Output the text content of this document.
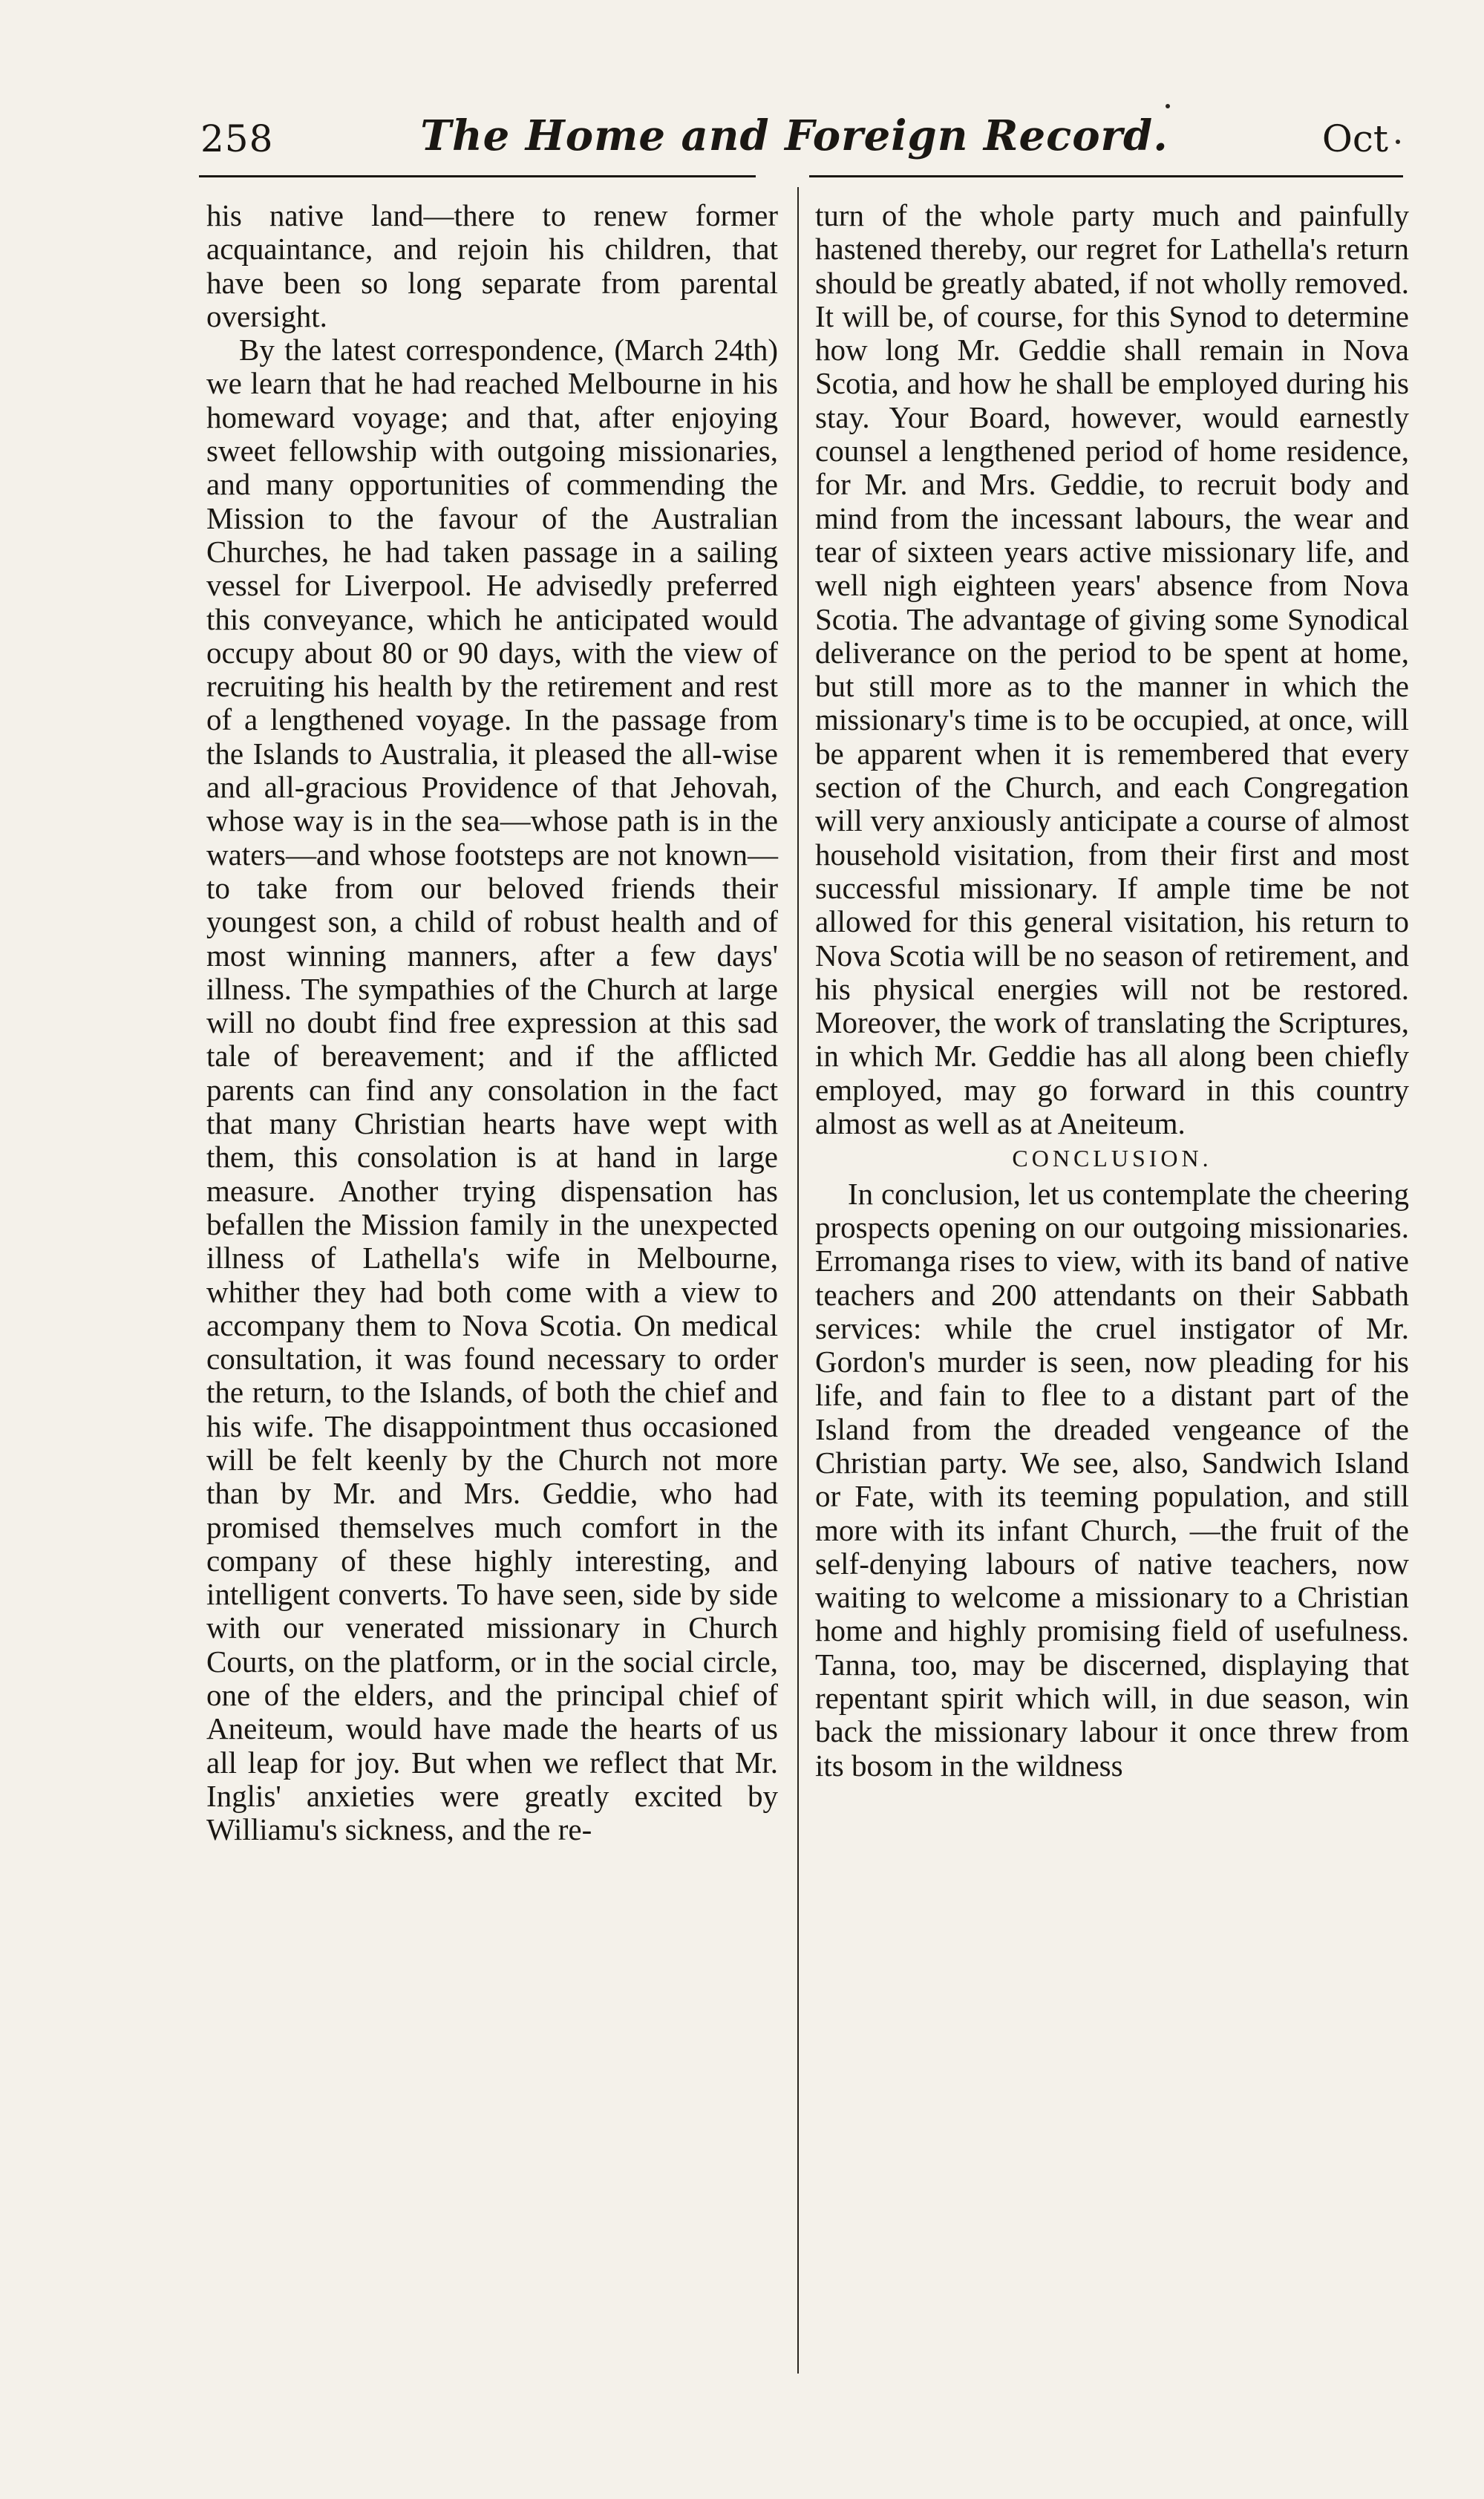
258	The Home and Foreign Record.	Oct

his native land—there to renew former acquaintance, and rejoin his children, that have been so long separate from parental oversight.

By the latest correspondence, (March 24th) we learn that he had reached Melbourne in his homeward voyage; and that, after enjoying sweet fellowship with outgoing missionaries, and many opportunities of commending the Mission to the favour of the Australian Churches, he had taken passage in a sailing vessel for Liverpool. He advisedly preferred this conveyance, which he anticipated would occupy about 80 or 90 days, with the view of recruiting his health by the retirement and rest of a lengthened voyage. In the passage from the Islands to Australia, it pleased the all-wise and all-gracious Providence of that Jehovah, whose way is in the sea—whose path is in the waters—and whose footsteps are not known—to take from our beloved friends their youngest son, a child of robust health and of most winning manners, after a few days' illness. The sympathies of the Church at large will no doubt find free expression at this sad tale of bereavement; and if the afflicted parents can find any consolation in the fact that many Christian hearts have wept with them, this consolation is at hand in large measure. Another trying dispensation has befallen the Mission family in the unexpected illness of Lathella's wife in Melbourne, whither they had both come with a view to accompany them to Nova Scotia. On medical consultation, it was found necessary to order the return, to the Islands, of both the chief and his wife. The disappointment thus occasioned will be felt keenly by the Church not more than by Mr. and Mrs. Geddie, who had promised themselves much comfort in the company of these highly interesting, and intelligent converts. To have seen, side by side with our venerated missionary in Church Courts, on the platform, or in the social circle, one of the elders, and the principal chief of Aneiteum, would have made the hearts of us all leap for joy. But when we reflect that Mr. Inglis' anxieties were greatly excited by Williamu's sickness, and the re-

turn of the whole party much and painfully hastened thereby, our regret for Lathella's return should be greatly abated, if not wholly removed. It will be, of course, for this Synod to determine how long Mr. Geddie shall remain in Nova Scotia, and how he shall be employed during his stay. Your Board, however, would earnestly counsel a lengthened period of home residence, for Mr. and Mrs. Geddie, to recruit body and mind from the incessant labours, the wear and tear of sixteen years active missionary life, and well nigh eighteen years' absence from Nova Scotia. The advantage of giving some Synodical deliverance on the period to be spent at home, but still more as to the manner in which the missionary's time is to be occupied, at once, will be apparent when it is remembered that every section of the Church, and each Congregation will very anxiously anticipate a course of almost household visitation, from their first and most successful missionary. If ample time be not allowed for this general visitation, his return to Nova Scotia will be no season of retirement, and his physical energies will not be restored. Moreover, the work of translating the Scriptures, in which Mr. Geddie has all along been chiefly employed, may go forward in this country almost as well as at Aneiteum.

CONCLUSION.

In conclusion, let us contemplate the cheering prospects opening on our outgoing missionaries. Erromanga rises to view, with its band of native teachers and 200 attendants on their Sabbath services: while the cruel instigator of Mr. Gordon's murder is seen, now pleading for his life, and fain to flee to a distant part of the Island from the dreaded vengeance of the Christian party. We see, also, Sandwich Island or Fate, with its teeming population, and still more with its infant Church, —the fruit of the self-denying labours of native teachers, now waiting to welcome a missionary to a Christian home and highly promising field of usefulness. Tanna, too, may be discerned, displaying that repentant spirit which will, in due season, win back the missionary labour it once threw from its bosom in the wildness
